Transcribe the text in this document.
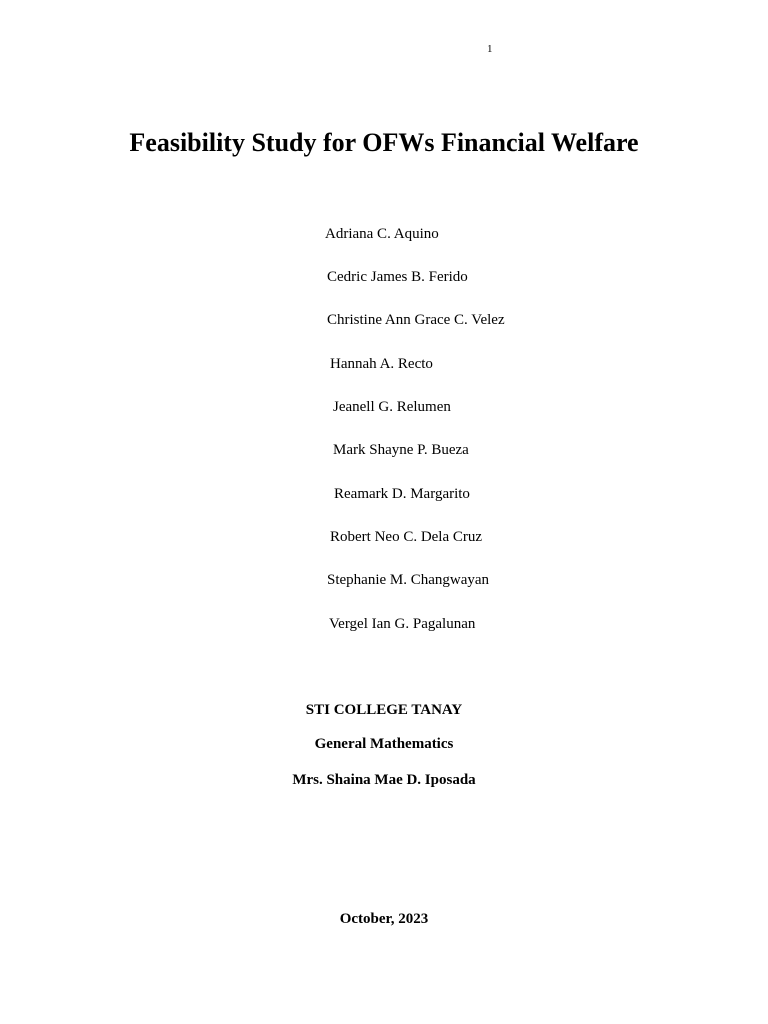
1
Feasibility Study for OFWs Financial Welfare
Adriana C. Aquino
Cedric James B. Ferido
Christine Ann Grace C. Velez
Hannah A. Recto
Jeanell G. Relumen
Mark Shayne P. Bueza
Reamark D. Margarito
Robert Neo C. Dela Cruz
Stephanie M. Changwayan
Vergel Ian G. Pagalunan
STI COLLEGE TANAY
General Mathematics
Mrs. Shaina Mae D. Iposada
October, 2023
